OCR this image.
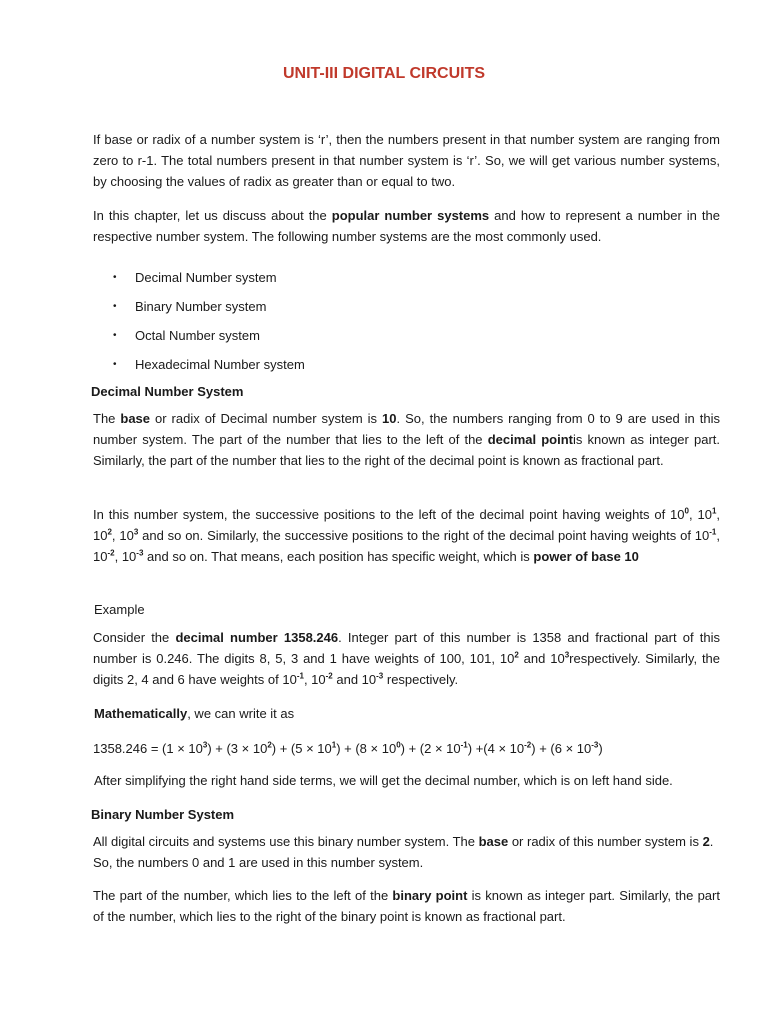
UNIT-III DIGITAL CIRCUITS

If base or radix of a number system is ‘r’, then the numbers present in that number system are ranging from zero to r-1. The total numbers present in that number system is ‘r’. So, we will get various number systems, by choosing the values of radix as greater than or equal to two.

In this chapter, let us discuss about the popular number systems and how to represent a number in the respective number system. The following number systems are the most commonly used.

• Decimal Number system
• Binary Number system
• Octal Number system
• Hexadecimal Number system

Decimal Number System

The base or radix of Decimal number system is 10. So, the numbers ranging from 0 to 9 are used in this number system. The part of the number that lies to the left of the decimal pointis known as integer part. Similarly, the part of the number that lies to the right of the decimal point is known as fractional part.

In this number system, the successive positions to the left of the decimal point having weights of $10^0$, $10^1$, $10^2$, $10^3$ and so on. Similarly, the successive positions to the right of the decimal point having weights of $10^{-1}$, $10^{-2}$, $10^{-3}$ and so on. That means, each position has specific weight, which is power of base 10

Example

Consider the decimal number 1358.246. Integer part of this number is 1358 and fractional part of this number is 0.246. The digits 8, 5, 3 and 1 have weights of 100, 101, $10^2$ and $10^3respectively$. Similarly, the digits 2, 4 and 6 have weights of $10^{-1}$, $10^{-2}$ and $10^{-3}$ respectively.

Mathematically, we can write it as

$1358.246 = (1 \times 10^3) + (3 \times 10^2) + (5 \times 10^1) + (8 \times 10^0) + (2 \times 10^{-1}) +(4 \times 10^{-2}) + (6 \times 10^{-3})$

After simplifying the right hand side terms, we will get the decimal number, which is on left hand side.

Binary Number System

All digital circuits and systems use this binary number system. The base or radix of this number system is 2. So, the numbers 0 and 1 are used in this number system.

The part of the number, which lies to the left of the binary point is known as integer part. Similarly, the part of the number, which lies to the right of the binary point is known as fractional part.
